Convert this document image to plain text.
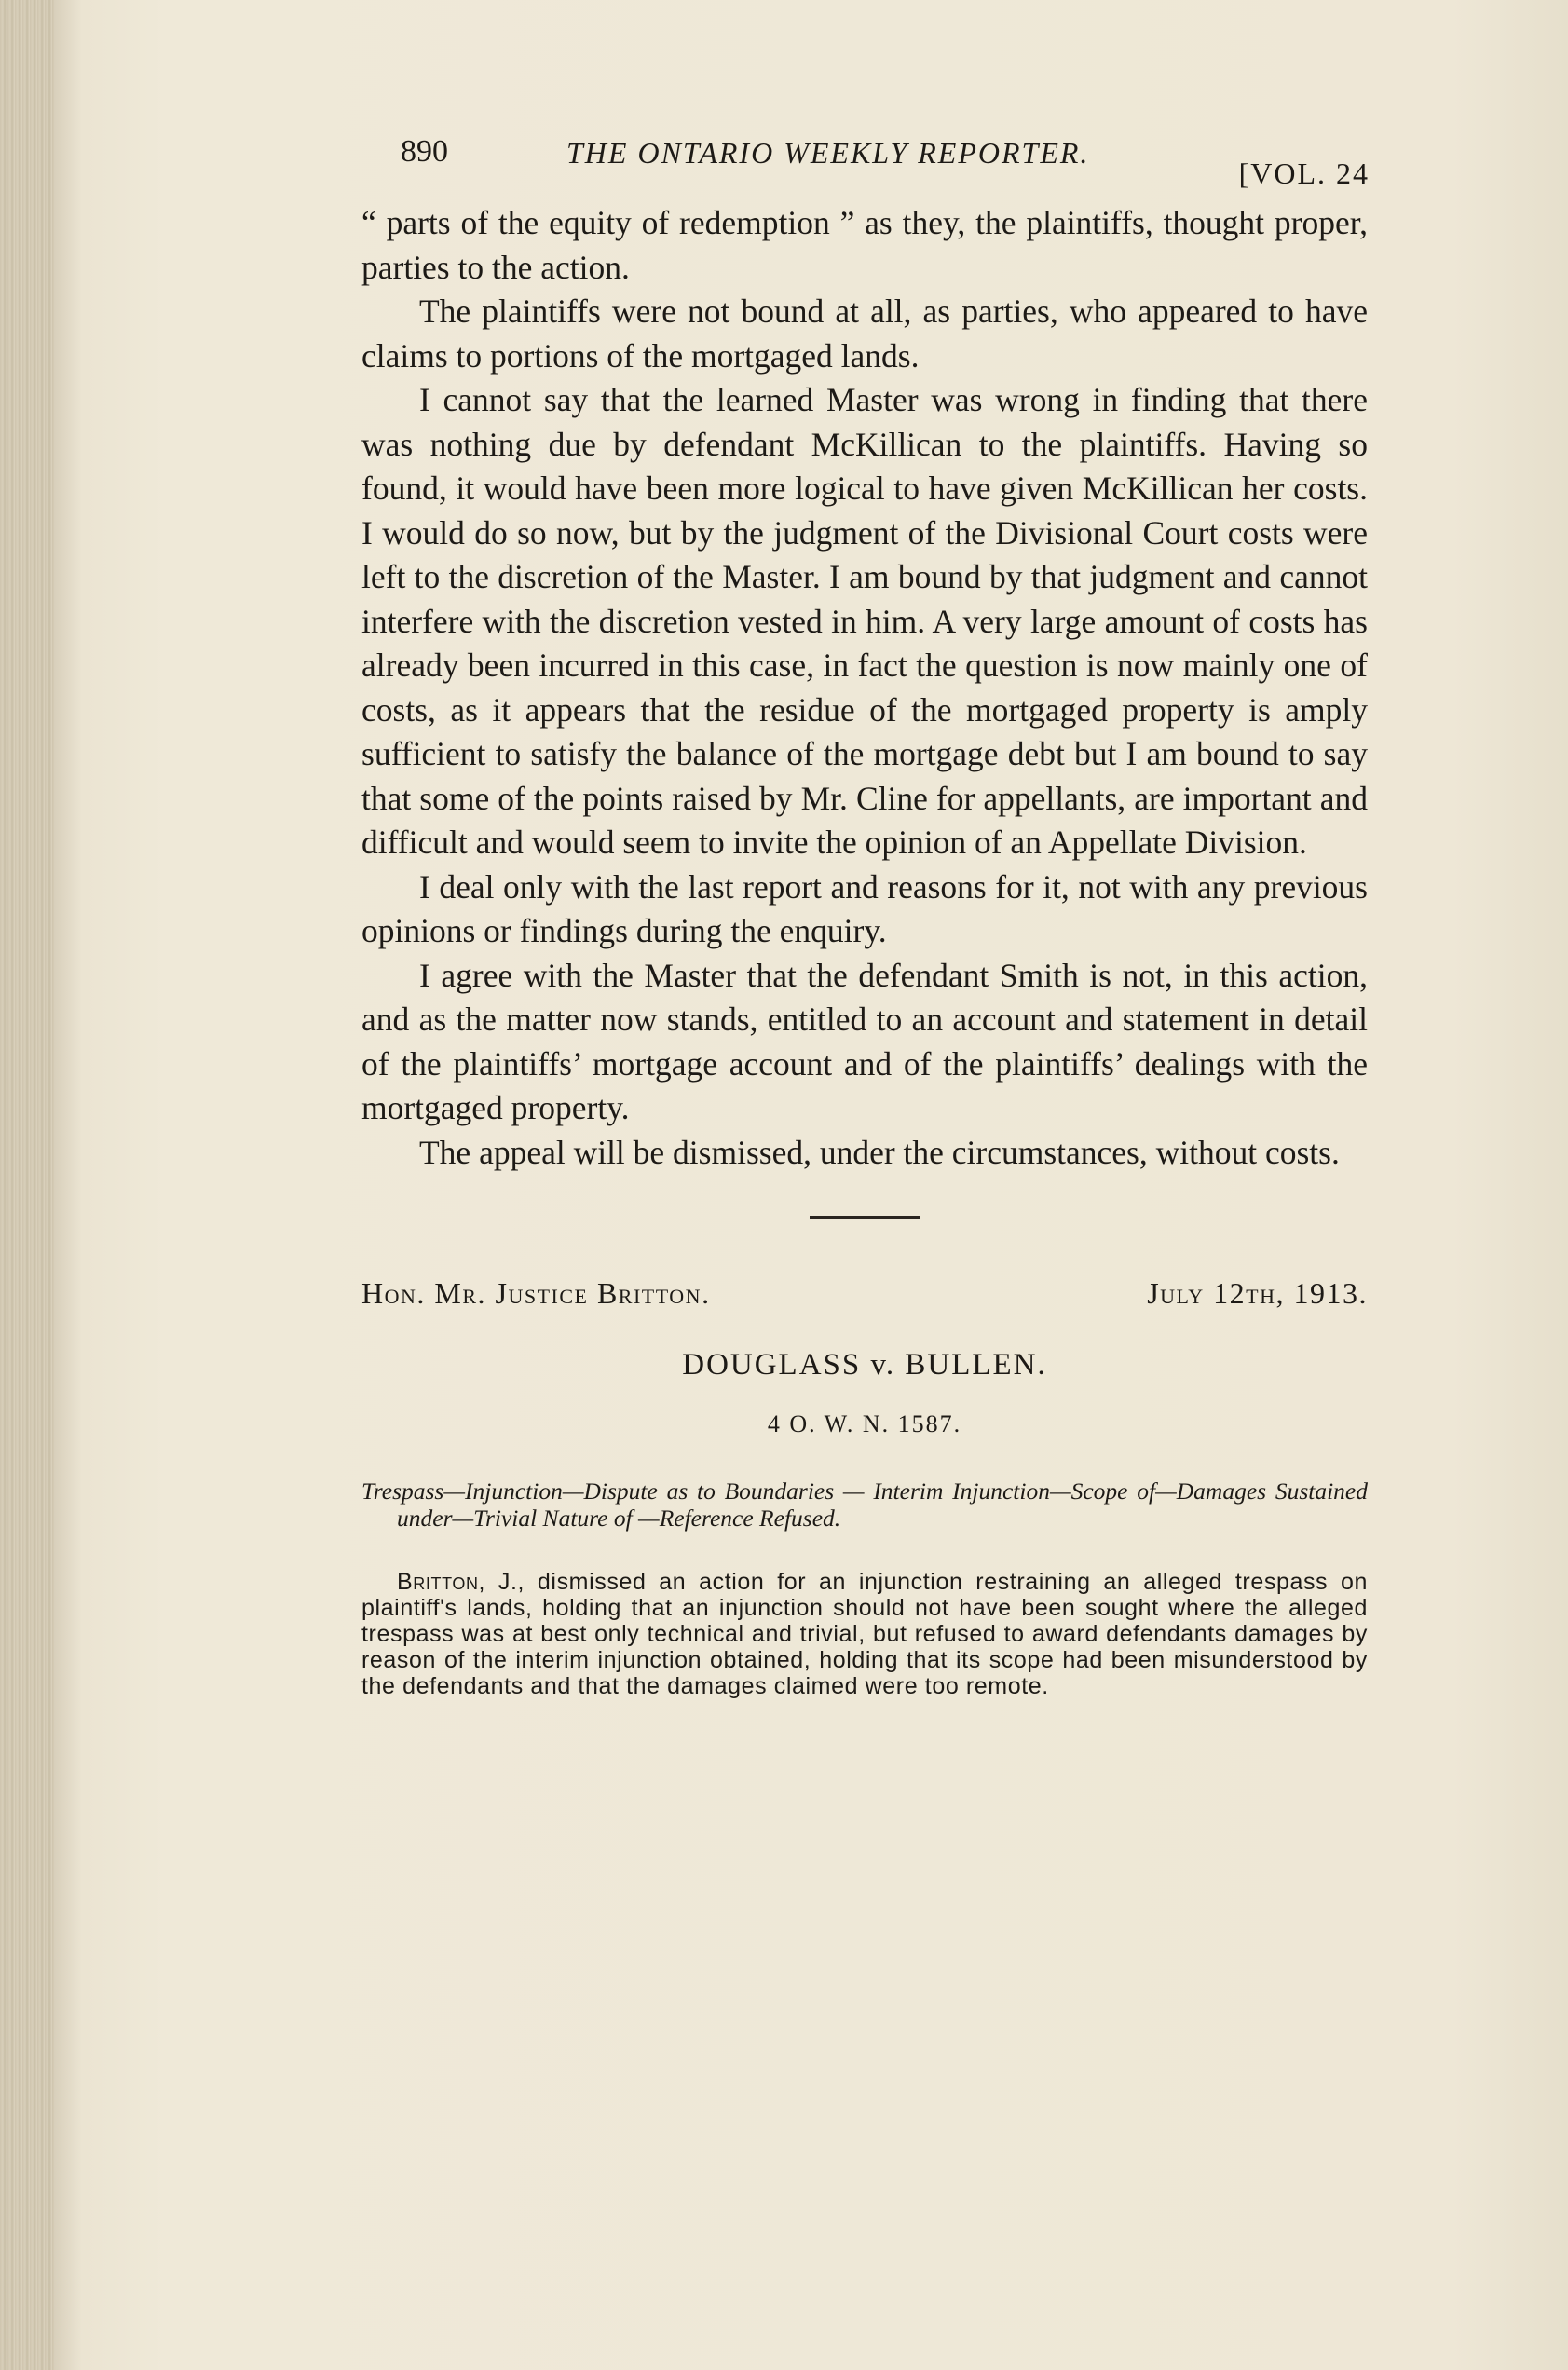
890	THE ONTARIO WEEKLY REPORTER.
[VOL. 24

“ parts of the equity of redemption ” as they, the plaintiffs, thought proper, parties to the action.

The plaintiffs were not bound at all, as parties, who appeared to have claims to portions of the mortgaged lands.

I cannot say that the learned Master was wrong in finding that there was nothing due by defendant McKillican to the plaintiffs. Having so found, it would have been more logical to have given McKillican her costs. I would do so now, but by the judgment of the Divisional Court costs were left to the discretion of the Master. I am bound by that judgment and cannot interfere with the discretion vested in him. A very large amount of costs has already been incurred in this case, in fact the question is now mainly one of costs, as it appears that the residue of the mortgaged property is amply sufficient to satisfy the balance of the mortgage debt but I am bound to say that some of the points raised by Mr. Cline for appellants, are important and difficult and would seem to invite the opinion of an Appellate Division.

I deal only with the last report and reasons for it, not with any previous opinions or findings during the enquiry.

I agree with the Master that the defendant Smith is not, in this action, and as the matter now stands, entitled to an account and statement in detail of the plaintiffs’ mortgage account and of the plaintiffs’ dealings with the mortgaged property.

The appeal will be dismissed, under the circumstances, without costs.

Hon. Mr. Justice Britton.	July 12th, 1913.
DOUGLASS v. BULLEN.
4 O. W. N. 1587.
Trespass—Injunction—Dispute as to Boundaries — Interim Injunction—Scope of—Damages Sustained under—Trivial Nature of —Reference Refused.
Britton, J., dismissed an action for an injunction restraining an alleged trespass on plaintiff's lands, holding that an injunction should not have been sought where the alleged trespass was at best only technical and trivial, but refused to award defendants damages by reason of the interim injunction obtained, holding that its scope had been misunderstood by the defendants and that the damages claimed were too remote.
